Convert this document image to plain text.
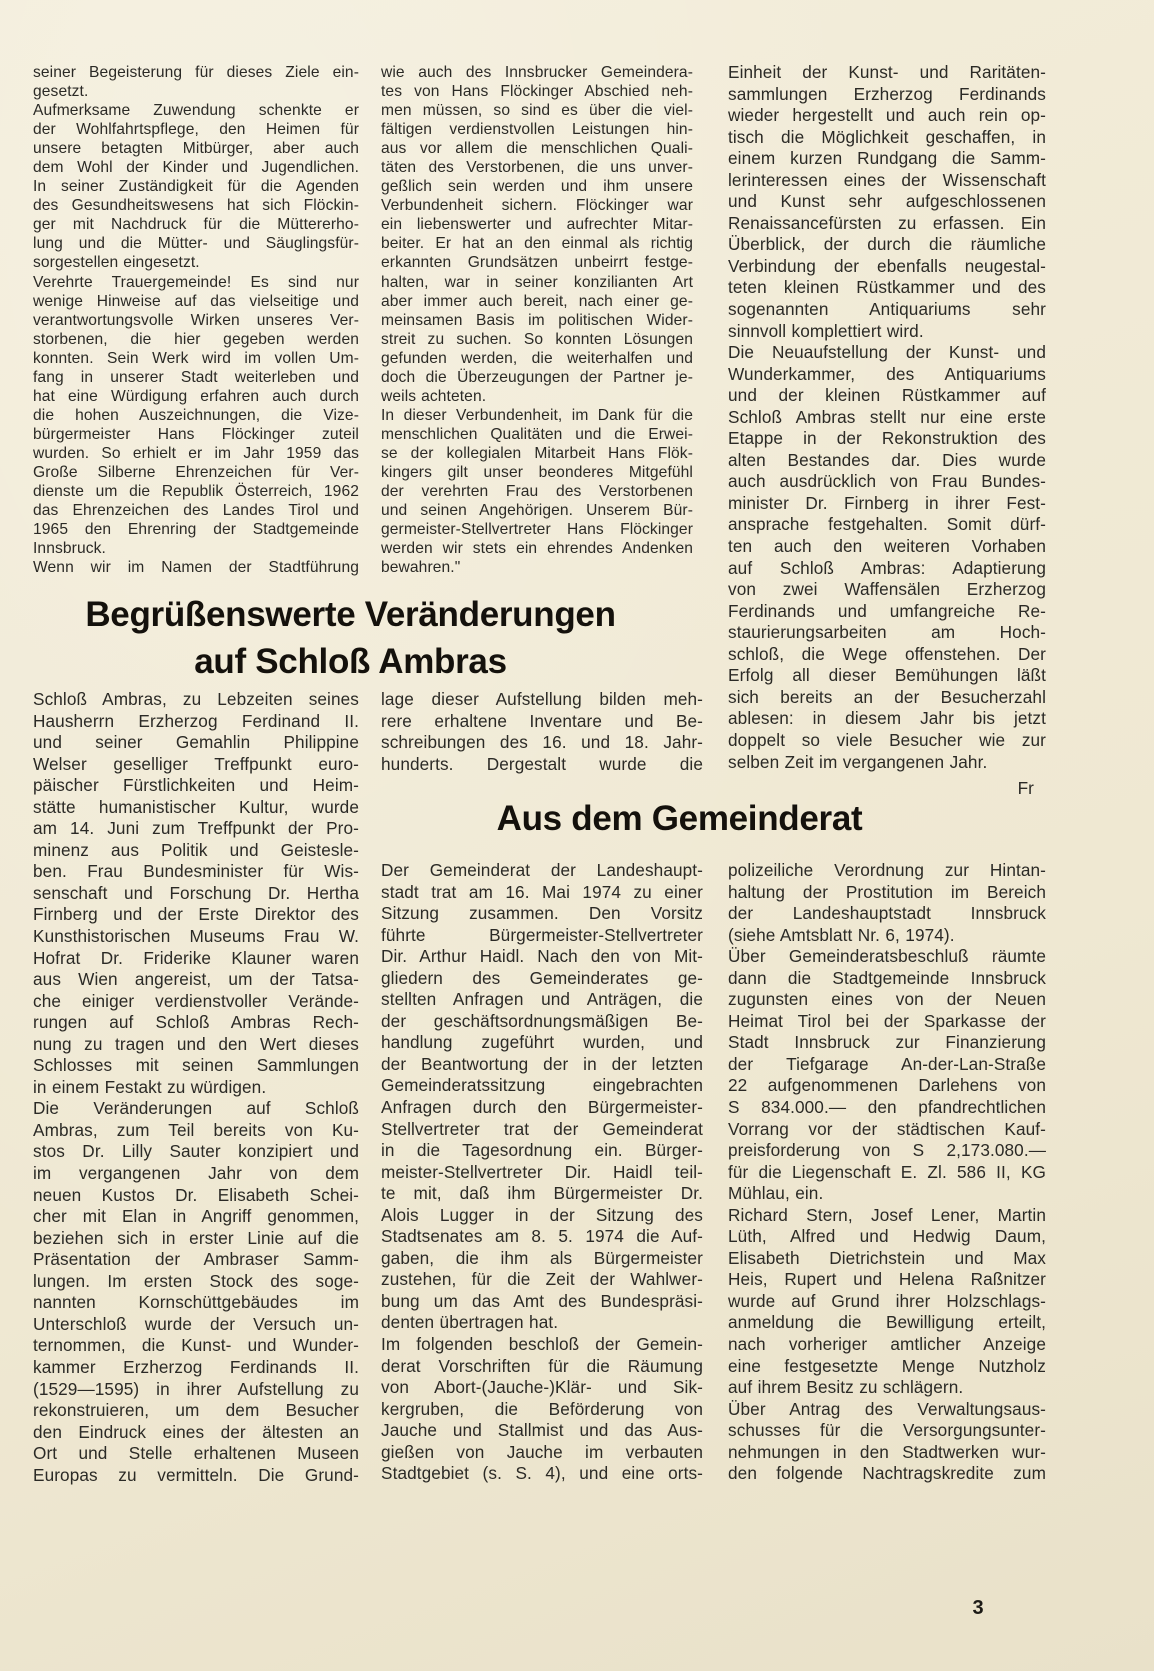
seiner Begeisterung für dieses Ziele ein-
gesetzt.
Aufmerksame Zuwendung schenkte er
der Wohlfahrtspflege, den Heimen für
unsere betagten Mitbürger, aber auch
dem Wohl der Kinder und Jugendlichen.
In seiner Zuständigkeit für die Agenden
des Gesundheitswesens hat sich Flöckin-
ger mit Nachdruck für die Müttererho-
lung und die Mütter- und Säuglingsfür-
sorgestellen eingesetzt.
Verehrte Trauergemeinde! Es sind nur
wenige Hinweise auf das vielseitige und
verantwortungsvolle Wirken unseres Ver-
storbenen, die hier gegeben werden
konnten. Sein Werk wird im vollen Um-
fang in unserer Stadt weiterleben und
hat eine Würdigung erfahren auch durch
die hohen Auszeichnungen, die Vize-
bürgermeister Hans Flöckinger zuteil
wurden. So erhielt er im Jahr 1959 das
Große Silberne Ehrenzeichen für Ver-
dienste um die Republik Österreich, 1962
das Ehrenzeichen des Landes Tirol und
1965 den Ehrenring der Stadtgemeinde
Innsbruck.
Wenn wir im Namen der Stadtführung
wie auch des Innsbrucker Gemeindera-
tes von Hans Flöckinger Abschied neh-
men müssen, so sind es über die viel-
fältigen verdienstvollen Leistungen hin-
aus vor allem die menschlichen Quali-
täten des Verstorbenen, die uns unver-
geßlich sein werden und ihm unsere
Verbundenheit sichern. Flöckinger war
ein liebenswerter und aufrechter Mitar-
beiter. Er hat an den einmal als richtig
erkannten Grundsätzen unbeirrt festge-
halten, war in seiner konzilianten Art
aber immer auch bereit, nach einer ge-
meinsamen Basis im politischen Wider-
streit zu suchen. So konnten Lösungen
gefunden werden, die weiterhalfen und
doch die Überzeugungen der Partner je-
weils achteten.
In dieser Verbundenheit, im Dank für die
menschlichen Qualitäten und die Erwei-
se der kollegialen Mitarbeit Hans Flök-
kingers gilt unser beonderes Mitgefühl
der verehrten Frau des Verstorbenen
und seinen Angehörigen. Unserem Bür-
germeister-Stellvertreter Hans Flöckinger
werden wir stets ein ehrendes Andenken
bewahren."
Einheit der Kunst- und Raritäten-
sammlungen Erzherzog Ferdinands
wieder hergestellt und auch rein op-
tisch die Möglichkeit geschaffen, in
einem kurzen Rundgang die Samm-
lerinteressen eines der Wissenschaft
und Kunst sehr aufgeschlossenen
Renaissancefürsten zu erfassen. Ein
Überblick, der durch die räumliche
Verbindung der ebenfalls neugestal-
teten kleinen Rüstkammer und des
sogenannten Antiquariums sehr
sinnvoll komplettiert wird.
Die Neuaufstellung der Kunst- und
Wunderkammer, des Antiquariums
und der kleinen Rüstkammer auf
Schloß Ambras stellt nur eine erste
Etappe in der Rekonstruktion des
alten Bestandes dar. Dies wurde
auch ausdrücklich von Frau Bundes-
minister Dr. Firnberg in ihrer Fest-
ansprache festgehalten. Somit dürf-
ten auch den weiteren Vorhaben
auf Schloß Ambras: Adaptierung
von zwei Waffensälen Erzherzog
Ferdinands und umfangreiche Re-
staurierungsarbeiten am Hoch-
schloß, die Wege offenstehen. Der
Erfolg all dieser Bemühungen läßt
sich bereits an der Besucherzahl
ablesen: in diesem Jahr bis jetzt
doppelt so viele Besucher wie zur
selben Zeit im vergangenen Jahr.
Fr
Begrüßenswerte Veränderungen
auf Schloß Ambras
Schloß Ambras, zu Lebzeiten seines
Hausherrn Erzherzog Ferdinand II.
und seiner Gemahlin Philippine
Welser geselliger Treffpunkt euro-
päischer Fürstlichkeiten und Heim-
stätte humanistischer Kultur, wurde
am 14. Juni zum Treffpunkt der Pro-
minenz aus Politik und Geistesle-
ben. Frau Bundesminister für Wis-
senschaft und Forschung Dr. Hertha
Firnberg und der Erste Direktor des
Kunsthistorischen Museums Frau W.
Hofrat Dr. Friderike Klauner waren
aus Wien angereist, um der Tatsa-
che einiger verdienstvoller Verände-
rungen auf Schloß Ambras Rech-
nung zu tragen und den Wert dieses
Schlosses mit seinen Sammlungen
in einem Festakt zu würdigen.
Die Veränderungen auf Schloß
Ambras, zum Teil bereits von Ku-
stos Dr. Lilly Sauter konzipiert und
im vergangenen Jahr von dem
neuen Kustos Dr. Elisabeth Schei-
cher mit Elan in Angriff genommen,
beziehen sich in erster Linie auf die
Präsentation der Ambraser Samm-
lungen. Im ersten Stock des soge-
nannten Kornschüttgebäudes im
Unterschloß wurde der Versuch un-
ternommen, die Kunst- und Wunder-
kammer Erzherzog Ferdinands II.
(1529—1595) in ihrer Aufstellung zu
rekonstruieren, um dem Besucher
den Eindruck eines der ältesten an
Ort und Stelle erhaltenen Museen
Europas zu vermitteln. Die Grund-
lage dieser Aufstellung bilden meh-
rere erhaltene Inventare und Be-
schreibungen des 16. und 18. Jahr-
hunderts. Dergestalt wurde die
Aus dem Gemeinderat
Der Gemeinderat der Landeshaupt-
stadt trat am 16. Mai 1974 zu einer
Sitzung zusammen. Den Vorsitz
führte Bürgermeister-Stellvertreter
Dir. Arthur Haidl. Nach den von Mit-
gliedern des Gemeinderates ge-
stellten Anfragen und Anträgen, die
der geschäftsordnungsmäßigen Be-
handlung zugeführt wurden, und
der Beantwortung der in der letzten
Gemeinderatssitzung eingebrachten
Anfragen durch den Bürgermeister-
Stellvertreter trat der Gemeinderat
in die Tagesordnung ein. Bürger-
meister-Stellvertreter Dir. Haidl teil-
te mit, daß ihm Bürgermeister Dr.
Alois Lugger in der Sitzung des
Stadtsenates am 8. 5. 1974 die Auf-
gaben, die ihm als Bürgermeister
zustehen, für die Zeit der Wahlwer-
bung um das Amt des Bundespräsi-
denten übertragen hat.
Im folgenden beschloß der Gemein-
derat Vorschriften für die Räumung
von Abort-(Jauche-)Klär- und Sik-
kergruben, die Beförderung von
Jauche und Stallmist und das Aus-
gießen von Jauche im verbauten
Stadtgebiet (s. S. 4), und eine orts-
polizeiliche Verordnung zur Hintan-
haltung der Prostitution im Bereich
der Landeshauptstadt Innsbruck
(siehe Amtsblatt Nr. 6, 1974).
Über Gemeinderatsbeschluß räumte
dann die Stadtgemeinde Innsbruck
zugunsten eines von der Neuen
Heimat Tirol bei der Sparkasse der
Stadt Innsbruck zur Finanzierung
der Tiefgarage An-der-Lan-Straße
22 aufgenommenen Darlehens von
S 834.000.— den pfandrechtlichen
Vorrang vor der städtischen Kauf-
preisforderung von S 2,173.080.—
für die Liegenschaft E. Zl. 586 II, KG
Mühlau, ein.
Richard Stern, Josef Lener, Martin
Lüth, Alfred und Hedwig Daum,
Elisabeth Dietrichstein und Max
Heis, Rupert und Helena Raßnitzer
wurde auf Grund ihrer Holzschlags-
anmeldung die Bewilligung erteilt,
nach vorheriger amtlicher Anzeige
eine festgesetzte Menge Nutzholz
auf ihrem Besitz zu schlägern.
Über Antrag des Verwaltungsaus-
schusses für die Versorgungsunter-
nehmungen in den Stadtwerken wur-
den folgende Nachtragskredite zum
3
